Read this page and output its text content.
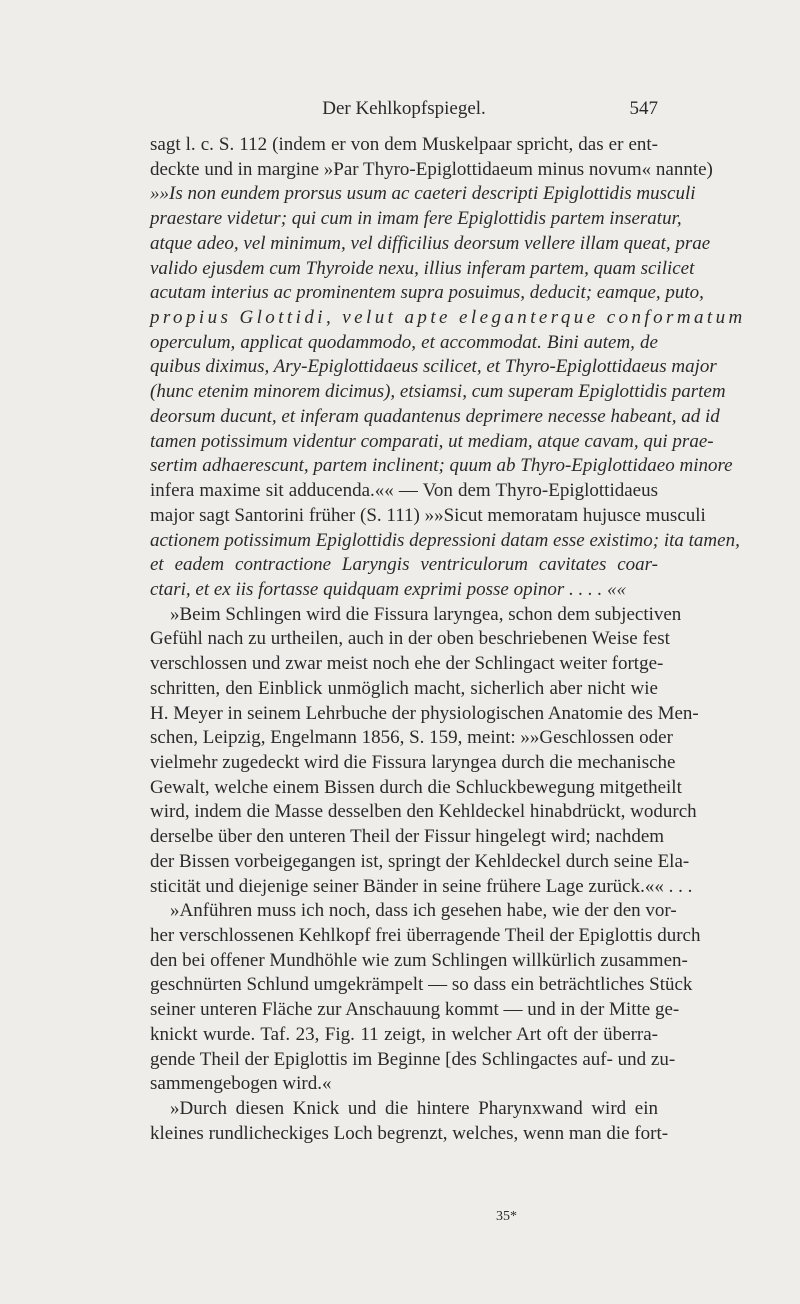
Der Kehlkopfspiegel.	547
sagt l. c. S. 112 (indem er von dem Muskelpaar spricht, das er ent-
deckte und in margine »Par Thyro-Epiglottidaeum minus novum« nannte)
»»Is non eundem prorsus usum ac caeteri descripti Epiglottidis musculi
praestare videtur; qui cum in imam fere Epiglottidis partem inseratur,
atque adeo, vel minimum, vel difficilius deorsum vellere illam queat, prae
valido ejusdem cum Thyroide nexu, illius inferam partem, quam scilicet
acutam interius ac prominentem supra posuimus, deducit; eamque, puto,
propius Glottidi, velut apte eleganterque conformatum
operculum, applicat quodammodo, et accommodat. Bini autem, de
quibus diximus, Ary-Epiglottidaeus scilicet, et Thyro-Epiglottidaeus major
(hunc etenim minorem dicimus), etsiamsi, cum superam Epiglottidis partem
deorsum ducunt, et inferam quadantenus deprimere necesse habeant, ad id
tamen potissimum videntur comparati, ut mediam, atque cavam, qui prae-
sertim adhaerescunt, partem inclinent; quum ab Thyro-Epiglottidaeo minore
infera maxime sit adducenda.«« — Von dem Thyro-Epiglottidaeus
major sagt Santorini früher (S. 111) »»Sicut memoratam hujusce musculi
actionem potissimum Epiglottidis depressioni datam esse existimo; ita tamen,
et eadem contractione Laryngis ventriculorum cavitates coar-
ctari, et ex iis fortasse quidquam exprimi posse opinor . . . . ««
»Beim Schlingen wird die Fissura laryngea, schon dem subjectiven
Gefühl nach zu urtheilen, auch in der oben beschriebenen Weise fest
verschlossen und zwar meist noch ehe der Schlingact weiter fortge-
schritten, den Einblick unmöglich macht, sicherlich aber nicht wie
H. Meyer in seinem Lehrbuche der physiologischen Anatomie des Men-
schen, Leipzig, Engelmann 1856, S. 159, meint: »»Geschlossen oder
vielmehr zugedeckt wird die Fissura laryngea durch die mechanische
Gewalt, welche einem Bissen durch die Schluckbewegung mitgetheilt
wird, indem die Masse desselben den Kehldeckel hinabdrückt, wodurch
derselbe über den unteren Theil der Fissur hingelegt wird; nachdem
der Bissen vorbeigegangen ist, springt der Kehldeckel durch seine Ela-
sticität und diejenige seiner Bänder in seine frühere Lage zurück.«« . . .
»Anführen muss ich noch, dass ich gesehen habe, wie der den vor-
her verschlossenen Kehlkopf frei überragende Theil der Epiglottis durch
den bei offener Mundhöhle wie zum Schlingen willkürlich zusammen-
geschnürten Schlund umgekrämpelt — so dass ein beträchtliches Stück
seiner unteren Fläche zur Anschauung kommt — und in der Mitte ge-
knickt wurde. Taf. 23, Fig. 11 zeigt, in welcher Art oft der überra-
gende Theil der Epiglottis im Beginne [des Schlingactes auf- und zu-
sammengebogen wird.«
»Durch diesen Knick und die hintere Pharynxwand wird ein
kleines rundlicheckiges Loch begrenzt, welches, wenn man die fort-
35*
